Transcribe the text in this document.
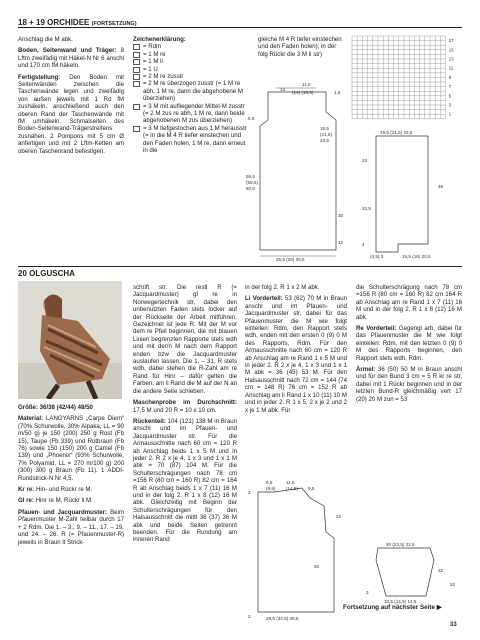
18 + 19 ORCHIDEE (FORTSETZUNG)

Anschlag die M abk.

Boden, Seitenwand und Träger: 8 Lftm zweifädig mit Häkel-N Nr 6 anschl und 170 cm fM häkeln.

Fertigstellung: Den Boden mit Seitenwänden zwischen die Taschenwände legen und zweifädig von außen jeweils mit 1 Rd fM zushäkeln, anschließend auch den oberen Rand der Taschenwände mit fM umhäkeln. Schmalseiten des Boden-Seitenwand-Trägerstreifens zusnähen. 2 Pompons mit 5 cm Ø anfertigen und mit 2 Lftm-Ketten am oberen Taschenrand befestigen.

Zeichenerklärung:
= Rdm
= 1 M re
= 1 M li
= 1 U
= 2 M re zusstr
= 2 M re überzogen zusstr (= 1 M re abh, 1 M re, dann die abgehobene M überziehen)
= 3 M mit aufliegender Mittel-M zusstr (= 2 M zus re abh, 1 M re, dann beide abgehobenen M zus überziehen)
= 3 M tiefgestochen aus 1 M herausstr (= in die M 4 R tiefer einstechen und den Faden holen, 1 M re, dann erneut in die

gleiche M 4 R tiefer einstechen und den Faden holen); in der folg Rückr die 3 M li str)

17
15
13
11
9
7
5
3
1
14
11,5
(14) (15,5)	1,5
5,5
19,5
(21,5)
23,5
56,5
(58,5)
60,5
30
12
25,5 (28) 30,5
19,5 (21,5) 23,5
23
48
22,5
4
(3,5) 3	15,5 (16) 20,5
20 OLGUSCHA

Größe: 36/38 (42/44) 48/50

Material: LANGYARNS „Carpe Diem“ (70% Schurwolle, 30% Alpaka, LL = 90 m/50 g) je 150 (200) 250 g Rost (Fb 15), Taupe (Fb 339) und Rotbraun (Fb 76) sowie 150 (150) 200 g Camel (Fb 139) und „Phoenix“ (93% Schurwolle, 7% Polyamid, LL = 270 m/100 g) 200 (300) 300 g Braun (Fb 11). 1 ADDI-Rundstrick-N Nr 4,5.

Kr re: Hin- und Rückr re M.

Gl re: Hinr re M, Rückr li M.

Pfauen- und Jacquardmuster: Beim Pfauenmuster M-Zahl teilbar durch 17 + 2 Rdm. Die 1. – 3., 9. – 11., 17. – 19. und 24. – 26. R (= Pfauenmuster-R) jeweils in Braun lt Strick-

schrift str. Die restl R (= Jacquardmuster) gl re in Norwegertechnik str, dabei den unbenutzten Faden stets locker auf der Rückseite der Arbeit mitführen. Gezeichnet ist jede R. Mit der M vor dem re Pfeil beginnen, die mit blauen Linien begrenzten Rapporte stets wdh und mit der/n M nach dem Rapport enden bzw die Jacquardmuster auslaufen lassen. Die 1. – 31. R stets wdh, dabei stehen die R-Zahl am re Rand für Hinr – dafür gelten die Farben, am li Rand die M auf der N an die andere Seite schieben.

Maschenprobe im Durchschnitt: 17,5 M und 20 R = 10 x 10 cm.

Rückenteil: 104 (121) 138 M in Braun anschl und im Pfauen- und Jacquardmuster str. Für die Armausschnitte nach 60 cm = 120 R ab Anschlag beids 1 x 5 M und in jeder 2. R 2 x je 4, 1 x 3 und 1 x 1 M abk = 70 (87) 104 M. Für die Schulterschrägungen nach 78 cm =156 R (80 cm = 160 R) 82 cm = 164 R ab Anschlag beids 1 x 7 (11) 16 M und in der folg 2. R 1 x 8 (12) 16 M abk. Gleichzeitig mit Beginn der Schulterschrägungen für den Halsausschnitt die mittl 36 (37) 36 M abk und beide Seiten getrennt beenden. Für die Rundung am inneren Rand

in der folg 2. R 1 x 2 M abk.

Li Vorderteil: 53 (62) 70 M in Braun anschl und im Pfauen- und Jacquardmuster str, dabei für das Pfauenmuster die M wie folgt einteilen: Rdm, den Rapport stets wdh, enden mit den ersten 0 (9) 0 M des Rapports, Rdm. Für den Armausschnitte nach 60 cm = 120 R ab Anschlag am re Rand 1 x 5 M und in jeder 2. R 2 x je 4, 1 x 3 und 1 x 1 M abk = 36 (45) 53 M. Für den Halsausschnitt nach 72 cm = 144 (74 cm = 148 R) 76 cm = 152 R ab Anschlag am li Rand 1 x 10 (11) 10 M und in jeder 2. R 1 x 5, 2 x je 2 und 2 x je 1 M abk. Für

die Schulterschrägung nach 78 cm =156 R (80 cm = 160 R) 82 cm 164 R ab Anschlag am re Rand 1 x 7 (11) 16 M und in der folg 2. R 1 x 8 (12) 16 M abk.

Re Vorderteil: Gegengl arb, dabei für das Pfauenmuster die M wie folgt einteilen: Rdm, mit den letzten 0 (9) 0 M des Rapports beginnen, den Rapport stets wdh, Rdm.

Ärmel: 36 (50) 50 M in Braun anschl und für den Bund 3 cm = 5 R kr re str, dabei mit 1 Rückr beginnen und in der letzten Bund-R gleichmäßig vert 17 (20) 20 M zun = 53

8,5
(9,5)
11,5
(14,5) 9,5
2
22
60
29,5 (34,5) 39,5
2
20 (22,5) 22,5
32
52
10,5 (14,5) 14,5
3
Fortsetzung auf nächster Seite ▶
33
